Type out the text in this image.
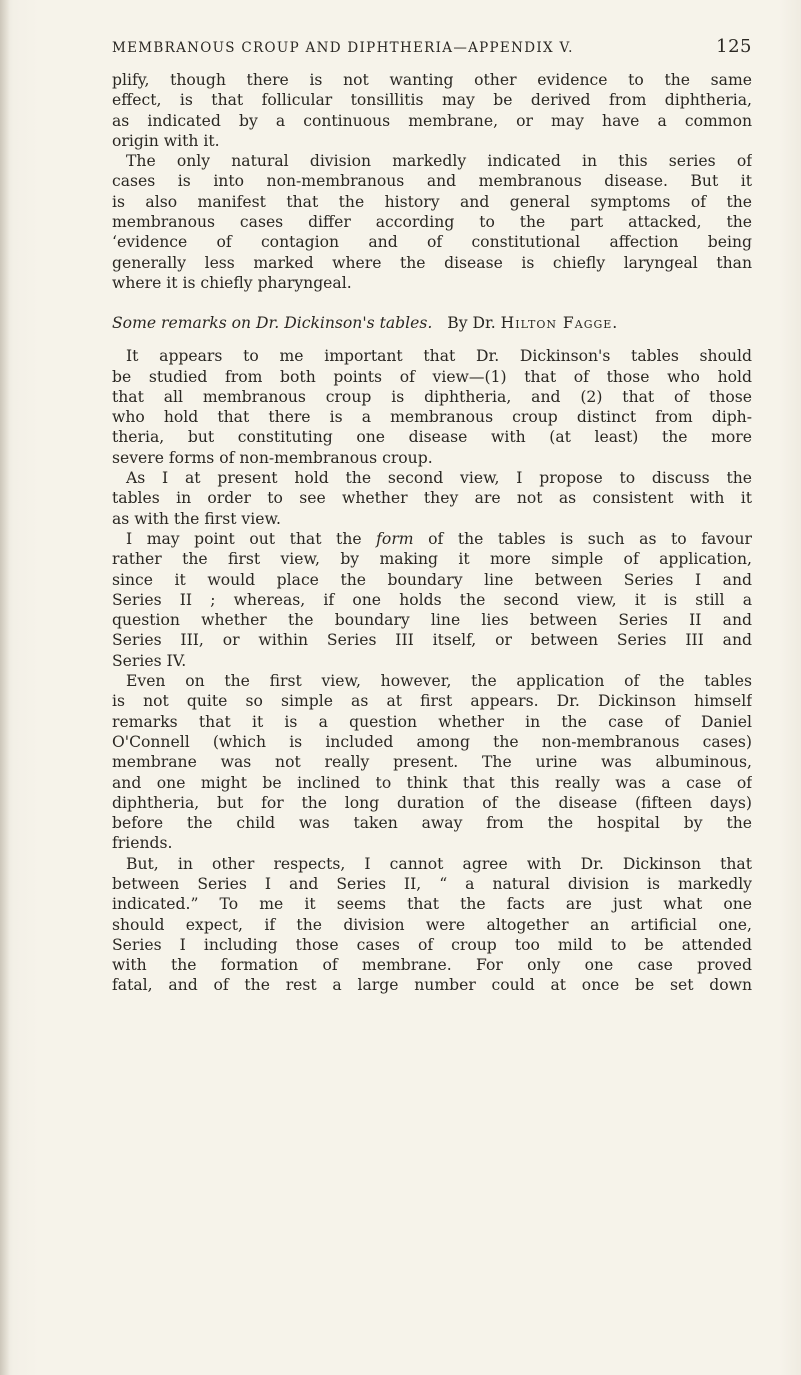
MEMBRANOUS CROUP AND DIPHTHERIA—APPENDIX V.	125
plify, though there is not wanting other evidence to the same
effect, is that follicular tonsillitis may be derived from diphtheria,
as indicated by a continuous membrane, or may have a common
origin with it.
The only natural division markedly indicated in this series of
cases is into non-membranous and membranous disease. But it
is also manifest that the history and general symptoms of the
membranous cases differ according to the part attacked, the
‘evidence of contagion and of constitutional affection being
generally less marked where the disease is chiefly laryngeal than
where it is chiefly pharyngeal.
Some remarks on Dr. Dickinson's tables. By Dr. Hilton Fagge.
It appears to me important that Dr. Dickinson's tables should
be studied from both points of view—(1) that of those who hold
that all membranous croup is diphtheria, and (2) that of those
who hold that there is a membranous croup distinct from diph-
theria, but constituting one disease with (at least) the more
severe forms of non-membranous croup.
As I at present hold the second view, I propose to discuss the
tables in order to see whether they are not as consistent with it
as with the first view.
I may point out that the form of the tables is such as to favour
rather the first view, by making it more simple of application,
since it would place the boundary line between Series I and
Series II ; whereas, if one holds the second view, it is still a
question whether the boundary line lies between Series II and
Series III, or within Series III itself, or between Series III and
Series IV.
Even on the first view, however, the application of the tables
is not quite so simple as at first appears. Dr. Dickinson himself
remarks that it is a question whether in the case of Daniel
O'Connell (which is included among the non-membranous cases)
membrane was not really present. The urine was albuminous,
and one might be inclined to think that this really was a case of
diphtheria, but for the long duration of the disease (fifteen days)
before the child was taken away from the hospital by the
friends.
But, in other respects, I cannot agree with Dr. Dickinson that
between Series I and Series II, “ a natural division is markedly
indicated.” To me it seems that the facts are just what one
should expect, if the division were altogether an artificial one,
Series I including those cases of croup too mild to be attended
with the formation of membrane. For only one case proved
fatal, and of the rest a large number could at once be set down
